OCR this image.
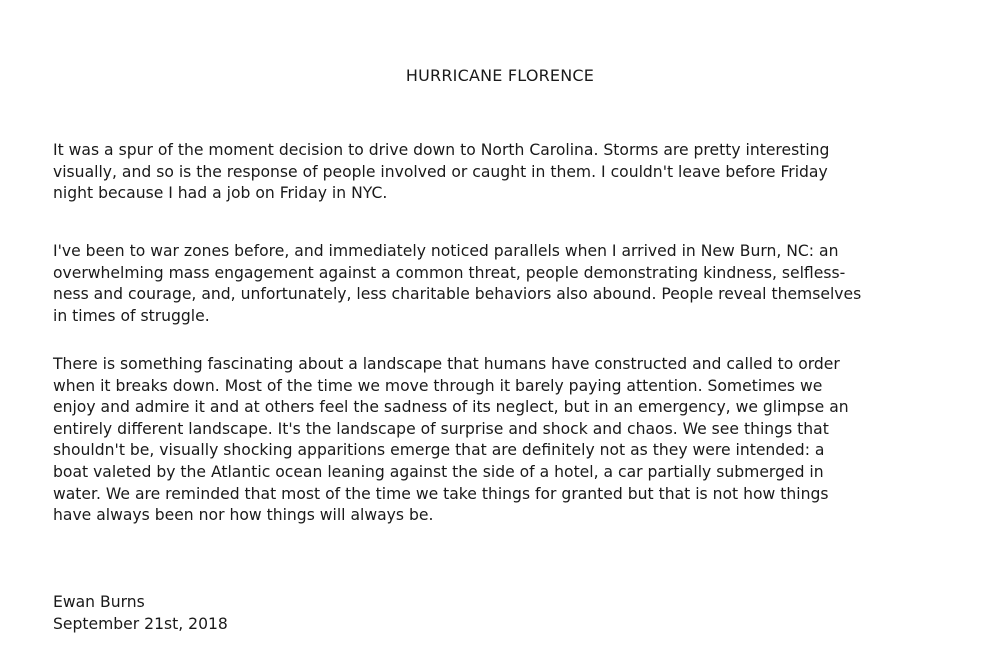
HURRICANE FLORENCE

It was a spur of the moment decision to drive down to North Carolina. Storms are pretty interesting
visually, and so is the response of people involved or caught in them. I couldn't leave before Friday
night because I had a job on Friday in NYC.

I've been to war zones before, and immediately noticed parallels when I arrived in New Burn, NC: an
overwhelming mass engagement against a common threat, people demonstrating kindness, selfless-
ness and courage, and, unfortunately, less charitable behaviors also abound. People reveal themselves
in times of struggle.

There is something fascinating about a landscape that humans have constructed and called to order
when it breaks down. Most of the time we move through it barely paying attention. Sometimes we
enjoy and admire it and at others feel the sadness of its neglect, but in an emergency, we glimpse an
entirely different landscape. It's the landscape of surprise and shock and chaos. We see things that
shouldn't be, visually shocking apparitions emerge that are definitely not as they were intended: a
boat valeted by the Atlantic ocean leaning against the side of a hotel, a car partially submerged in
water. We are reminded that most of the time we take things for granted but that is not how things
have always been nor how things will always be.

Ewan Burns
September 21st, 2018
